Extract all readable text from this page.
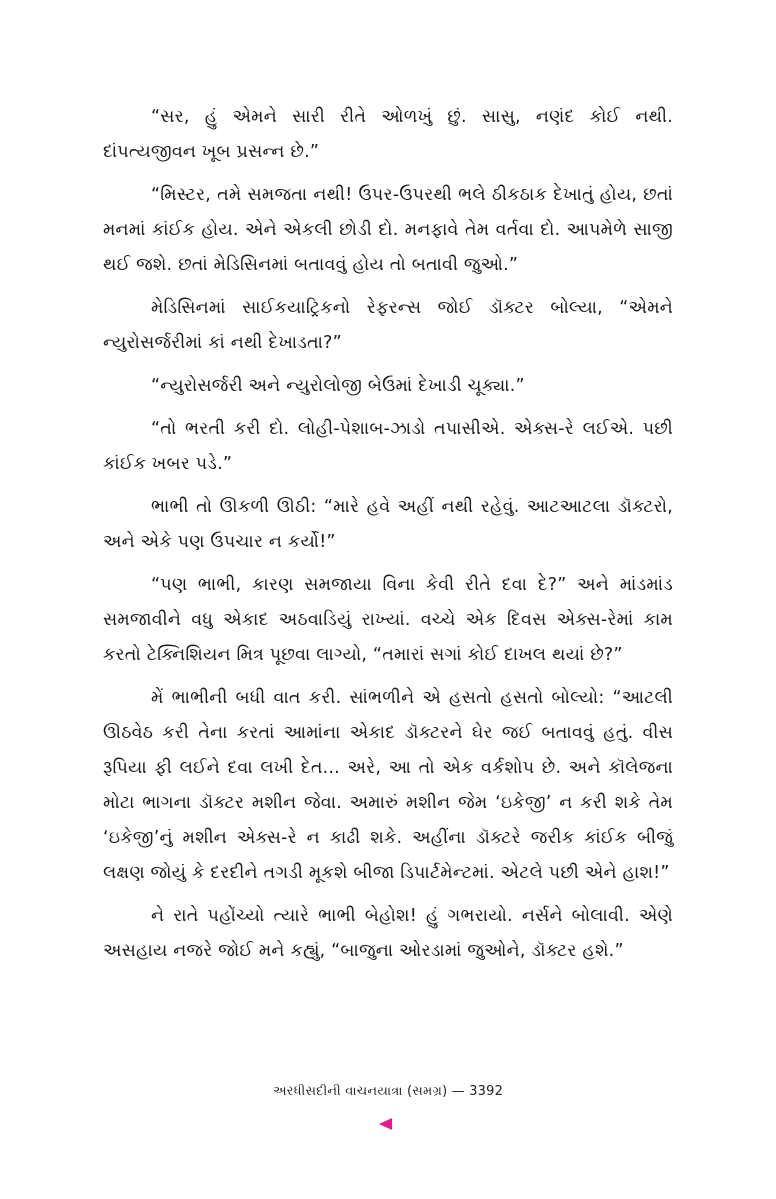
“સર, હું એમને સારી રીતે ઓળખું છું. સાસુ, નણંદ કોઈ નથી. દાંપત્યજીવન ખૂબ પ્રસન્ન છે.”

“મિસ્ટર, તમે સમજતા નથી! ઉપર-ઉપરથી ભલે ઠીકઠાક દેખાતું હોય, છતાં મનમાં કાંઈક હોય. એને એકલી છોડી દો. મનફાવે તેમ વર્તવા દો. આપમેળે સાજી થઈ જશે. છતાં મેડિસિનમાં બતાવવું હોય તો બતાવી જુઓ.”

મેડિસિનમાં સાઈકયાટ્રિકનો રેફરન્સ જોઈ ડૉક્ટર બોલ્યા, “એમને ન્યુરોસર્જરીમાં કાં નથી દેખાડતા?”

“ન્યુરોસર્જરી અને ન્યુરોલોજી બેઉમાં દેખાડી ચૂક્યા.”

“તો ભરતી કરી દો. લોહી-પેશાબ-ઝાડો તપાસીએ. એક્સ-રે લઈએ. પછી કાંઈક ખબર પડે.”

ભાભી તો ઊકળી ઊઠી: “મારે હવે અહીં નથી રહેવું. આટઆટલા ડૉક્ટરો, અને એકે પણ ઉપચાર ન કર્યો!”

“પણ ભાભી, કારણ સમજાયા વિના કેવી રીતે દવા દે?” અને માંડમાંડ સમજાવીને વધુ એકાદ અઠવાડિયું રાખ્યાં. વચ્ચે એક દિવસ એક્સ-રેમાં કામ કરતો ટેક્નિશિયન મિત્ર પૂછવા લાગ્યો, “તમારાં સગાં કોઈ દાખલ થયાં છે?”

મેં ભાભીની બધી વાત કરી. સાંભળીને એ હસતો હસતો બોલ્યો: “આટલી ઊઠવેઠ કરી તેના કરતાં આમાંના એકાદ ડૉક્ટરને ઘેર જઈ બતાવવું હતું. વીસ રૂપિયા ફી લઈને દવા લખી દેત... અરે, આ તો એક વર્કશોપ છે. અને કૉલેજના મોટા ભાગના ડૉક્ટર મશીન જેવા. અમારું મશીન જેમ ‘ઇકેજી’ ન કરી શકે તેમ ‘ઇકેજી’નું મશીન એક્સ-રે ન કાઢી શકે. અહીંના ડૉક્ટરે જરીક કાંઈક બીજું લક્ષણ જોયું કે દરદીને તગડી મૂકશે બીજા ડિપાર્ટમેન્ટમાં. એટલે પછી એને હાશ!”

ને રાતે પહોંચ્યો ત્યારે ભાભી બેહોશ! હું ગભરાયો. નર્સને બોલાવી. એણે અસહાય નજરે જોઈ મને કહ્યું, “બાજુના ઓરડામાં જુઓને, ડૉક્ટર હશે.”

અરધીસદીની વાચનયાત્રા (સમગ્ર) — 3392
